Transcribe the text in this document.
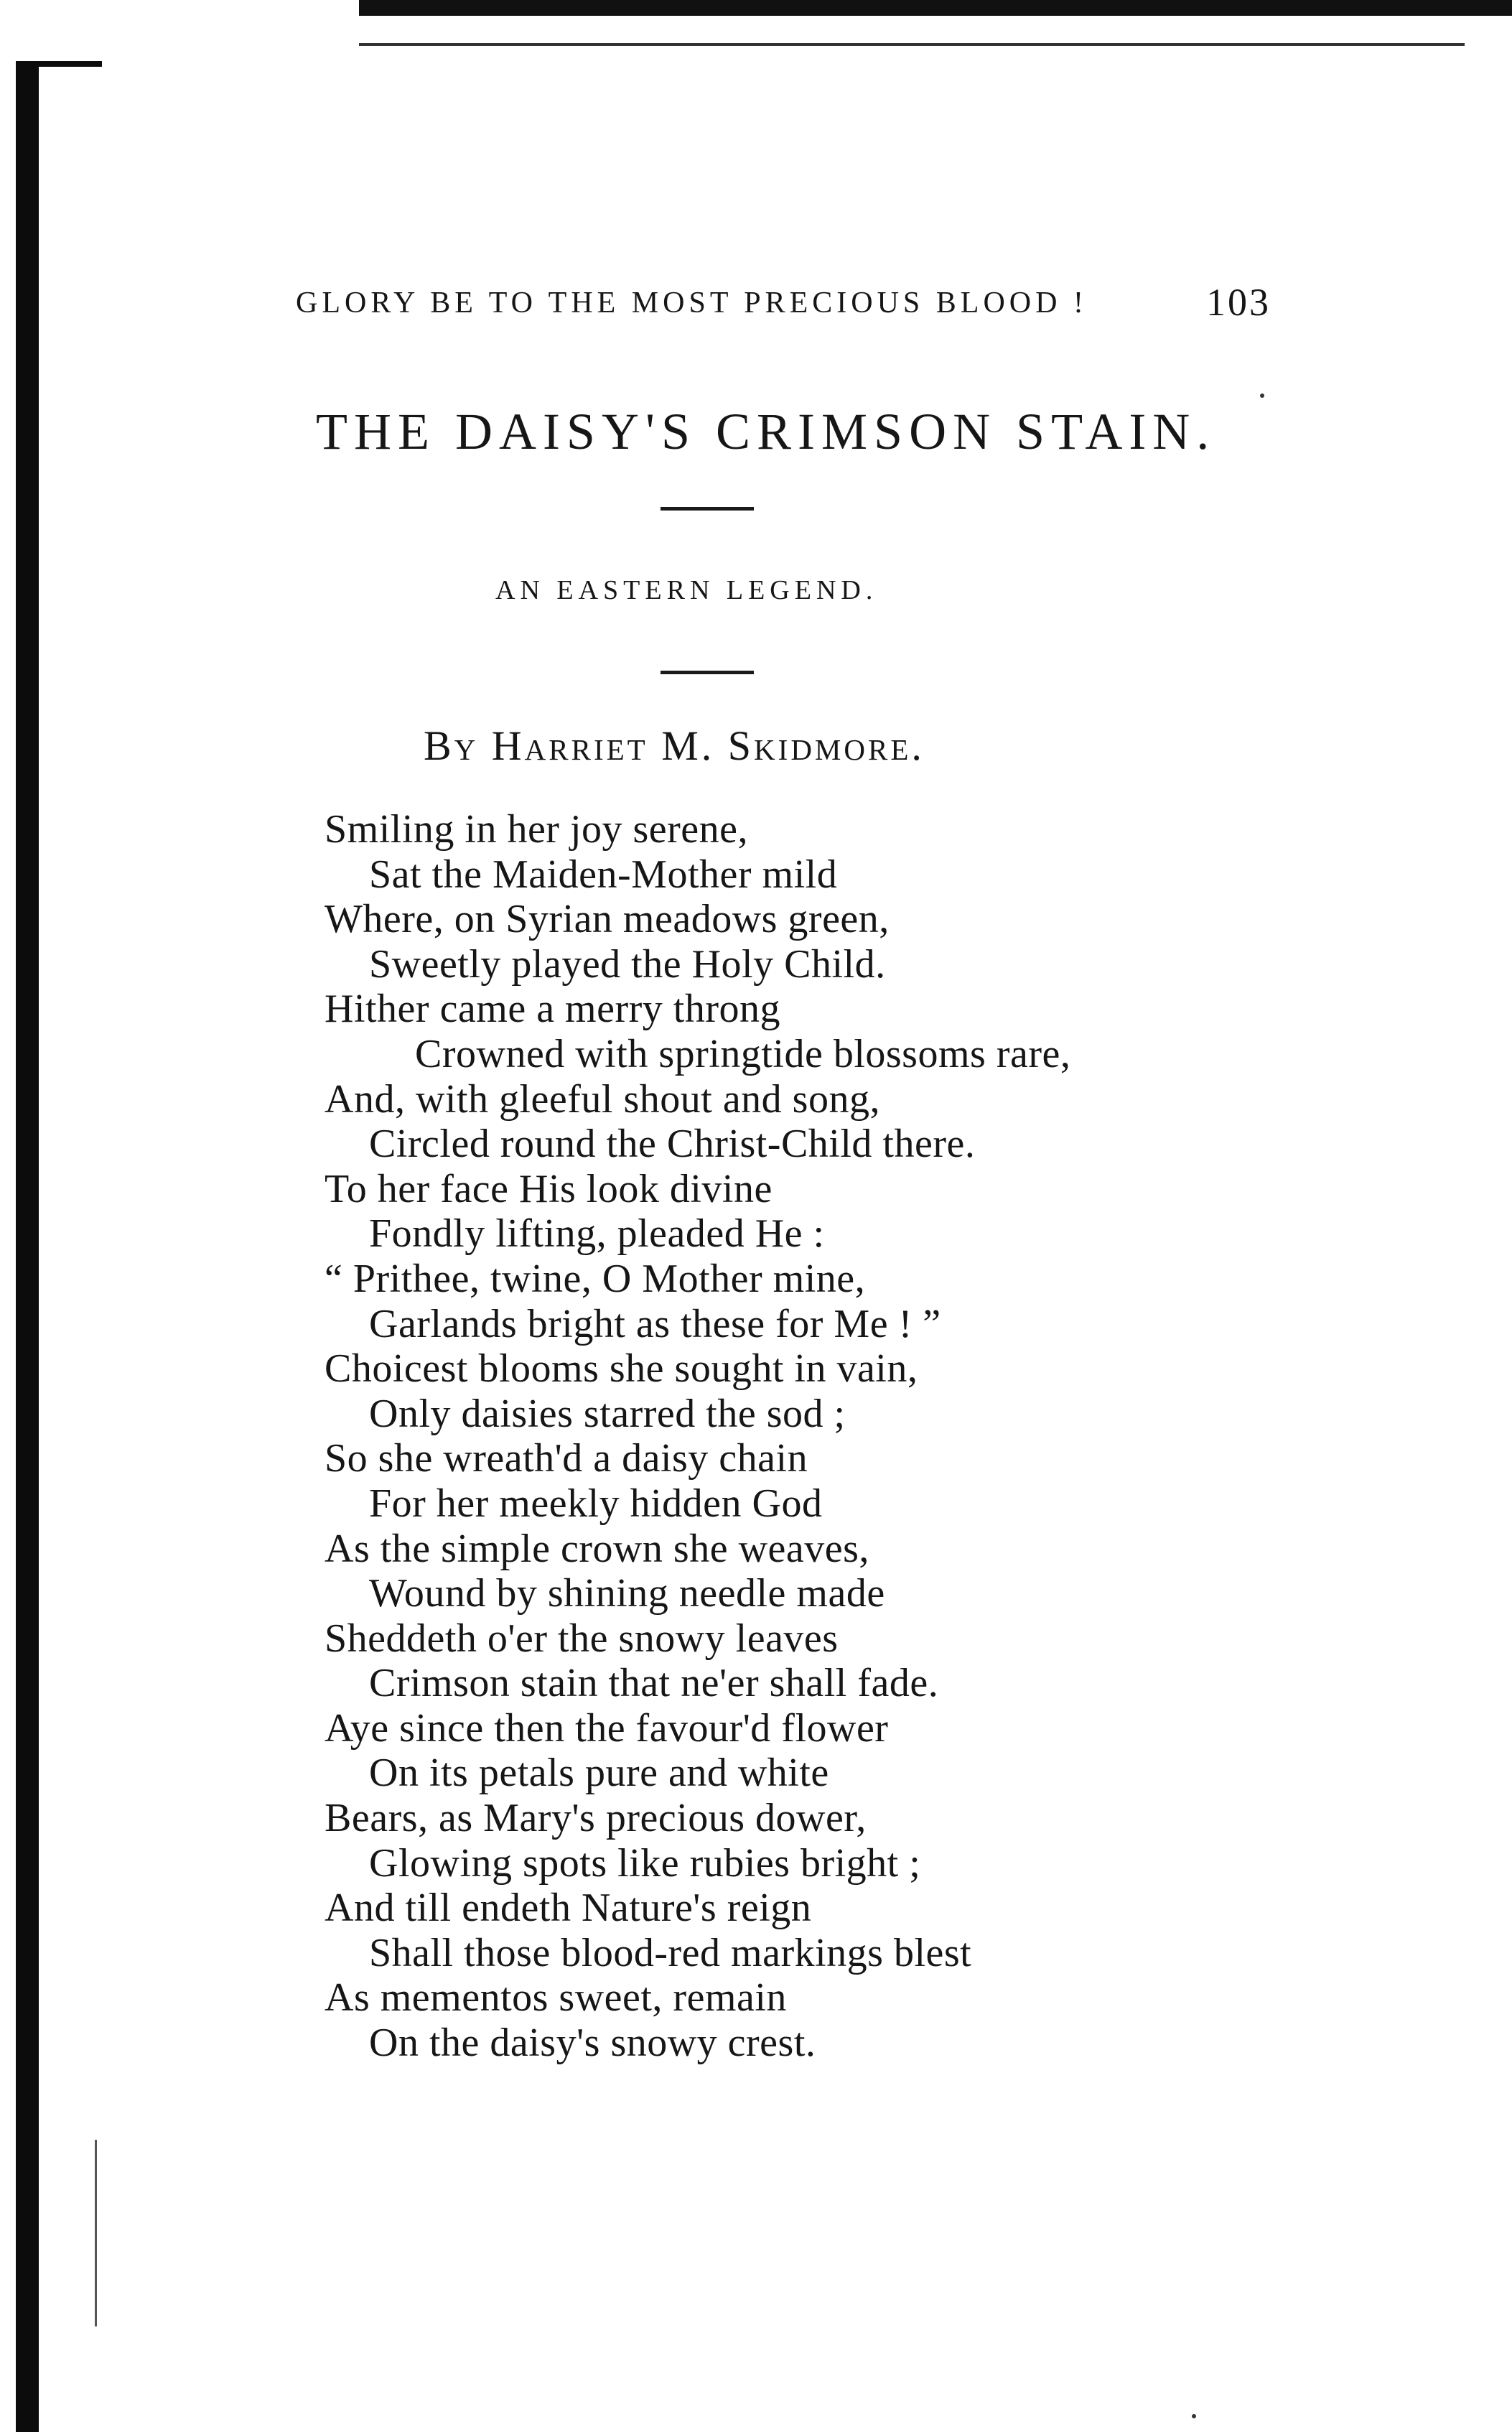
GLORY BE TO THE MOST PRECIOUS BLOOD !	103
THE DAISY'S CRIMSON STAIN.
AN EASTERN LEGEND.
By Harriet M. Skidmore.
Smiling in her joy serene,
Sat the Maiden-Mother mild
Where, on Syrian meadows green,
Sweetly played the Holy Child.
Hither came a merry throng
Crowned with springtide blossoms rare,
And, with gleeful shout and song,
Circled round the Christ-Child there.
To her face His look divine
Fondly lifting, pleaded He :
“ Prithee, twine, O Mother mine,
Garlands bright as these for Me ! ”
Choicest blooms she sought in vain,
Only daisies starred the sod ;
So she wreath'd a daisy chain
For her meekly hidden God
As the simple crown she weaves,
Wound by shining needle made
Sheddeth o'er the snowy leaves
Crimson stain that ne'er shall fade.
Aye since then the favour'd flower
On its petals pure and white
Bears, as Mary's precious dower,
Glowing spots like rubies bright ;
And till endeth Nature's reign
Shall those blood-red markings blest
As mementos sweet, remain
On the daisy's snowy crest.
